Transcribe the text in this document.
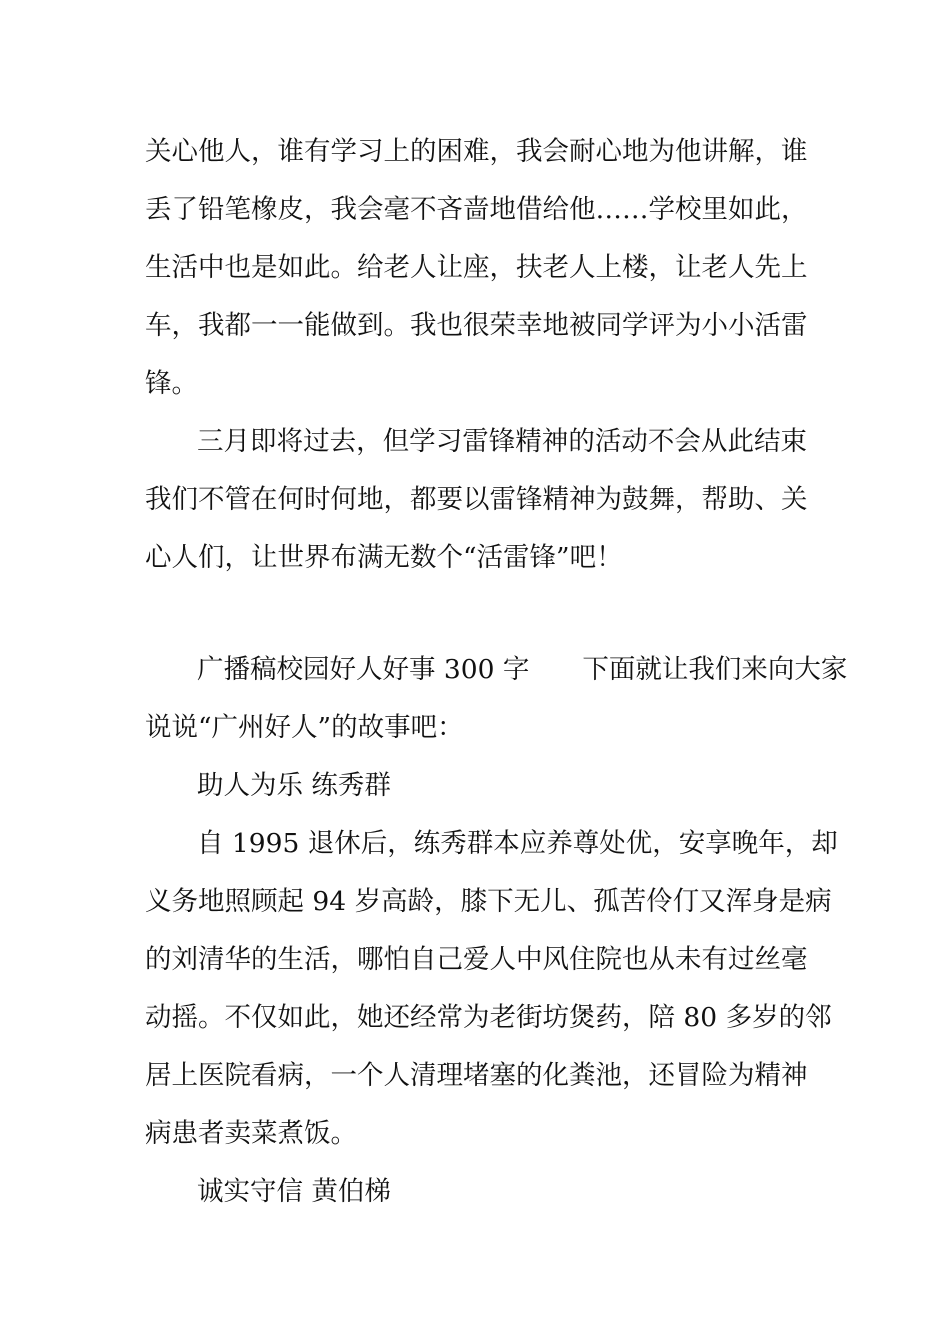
关心他人，谁有学习上的困难，我会耐心地为他讲解，谁
丢了铅笔橡皮，我会毫不吝啬地借给他……学校里如此，
生活中也是如此。给老人让座，扶老人上楼，让老人先上
车，我都一一能做到。我也很荣幸地被同学评为小小活雷
锋。
三月即将过去，但学习雷锋精神的活动不会从此结束
我们不管在何时何地，都要以雷锋精神为鼓舞，帮助、关
心人们，让世界布满无数个“活雷锋”吧！
广播稿校园好人好事 300 字　　下面就让我们来向大家
说说“广州好人”的故事吧：
助人为乐 练秀群
自 1995 退休后，练秀群本应养尊处优，安享晚年，却
义务地照顾起 94 岁高龄，膝下无儿、孤苦伶仃又浑身是病
的刘清华的生活，哪怕自己爱人中风住院也从未有过丝毫
动摇。不仅如此，她还经常为老街坊煲药，陪 80 多岁的邻
居上医院看病，一个人清理堵塞的化粪池，还冒险为精神
病患者卖菜煮饭。
诚实守信 黄伯梯
